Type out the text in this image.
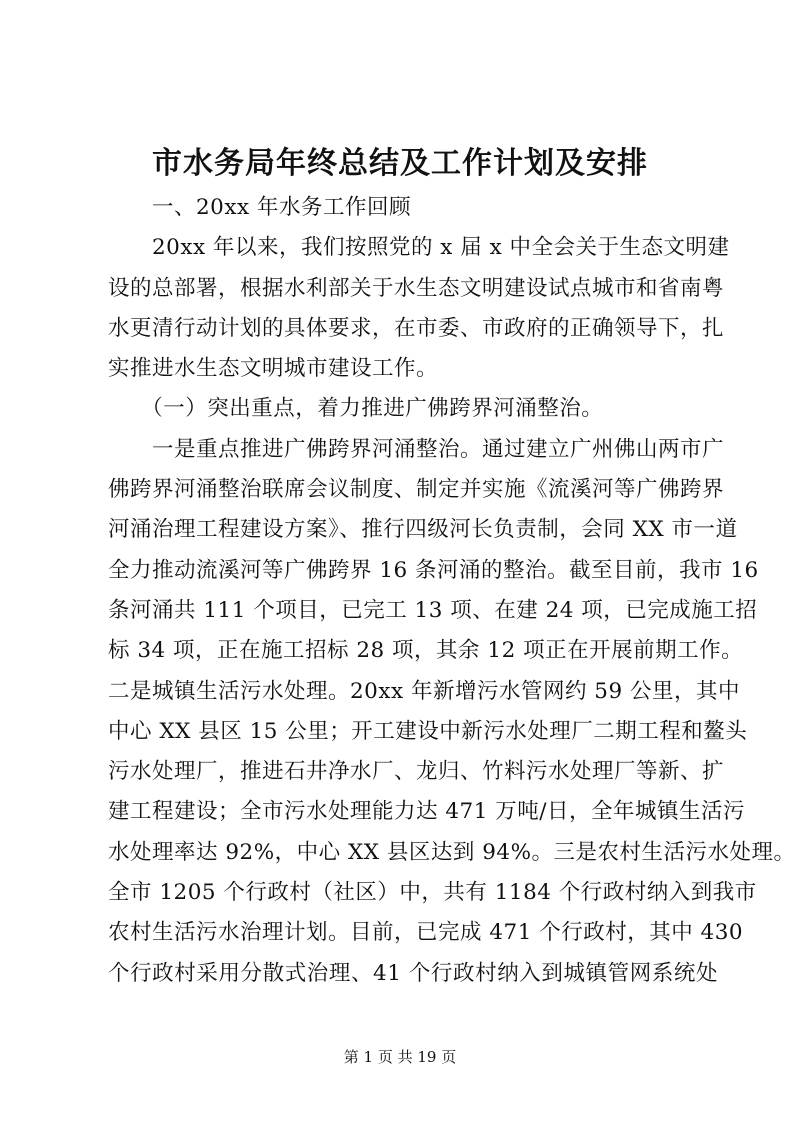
市水务局年终总结及工作计划及安排
　　一、20xx 年水务工作回顾
　　20xx 年以来，我们按照党的 x 届 x 中全会关于生态文明建
设的总部署，根据水利部关于水生态文明建设试点城市和省南粤
水更清行动计划的具体要求，在市委、市政府的正确领导下，扎
实推进水生态文明城市建设工作。
　　（一）突出重点，着力推进广佛跨界河涌整治。
　　一是重点推进广佛跨界河涌整治。通过建立广州佛山两市广
佛跨界河涌整治联席会议制度、制定并实施《流溪河等广佛跨界
河涌治理工程建设方案》、推行四级河长负责制，会同 XX 市一道
全力推动流溪河等广佛跨界 16 条河涌的整治。截至目前，我市 16
条河涌共 111 个项目，已完工 13 项、在建 24 项，已完成施工招
标 34 项，正在施工招标 28 项，其余 12 项正在开展前期工作。
二是城镇生活污水处理。20xx 年新增污水管网约 59 公里，其中
中心 XX 县区 15 公里；开工建设中新污水处理厂二期工程和鳌头
污水处理厂，推进石井净水厂、龙归、竹料污水处理厂等新、扩
建工程建设；全市污水处理能力达 471 万吨/日，全年城镇生活污
水处理率达 92%，中心 XX 县区达到 94%。三是农村生活污水处理。
全市 1205 个行政村（社区）中，共有 1184 个行政村纳入到我市
农村生活污水治理计划。目前，已完成 471 个行政村，其中 430
个行政村采用分散式治理、41 个行政村纳入到城镇管网系统处
第 1 页 共 19 页
